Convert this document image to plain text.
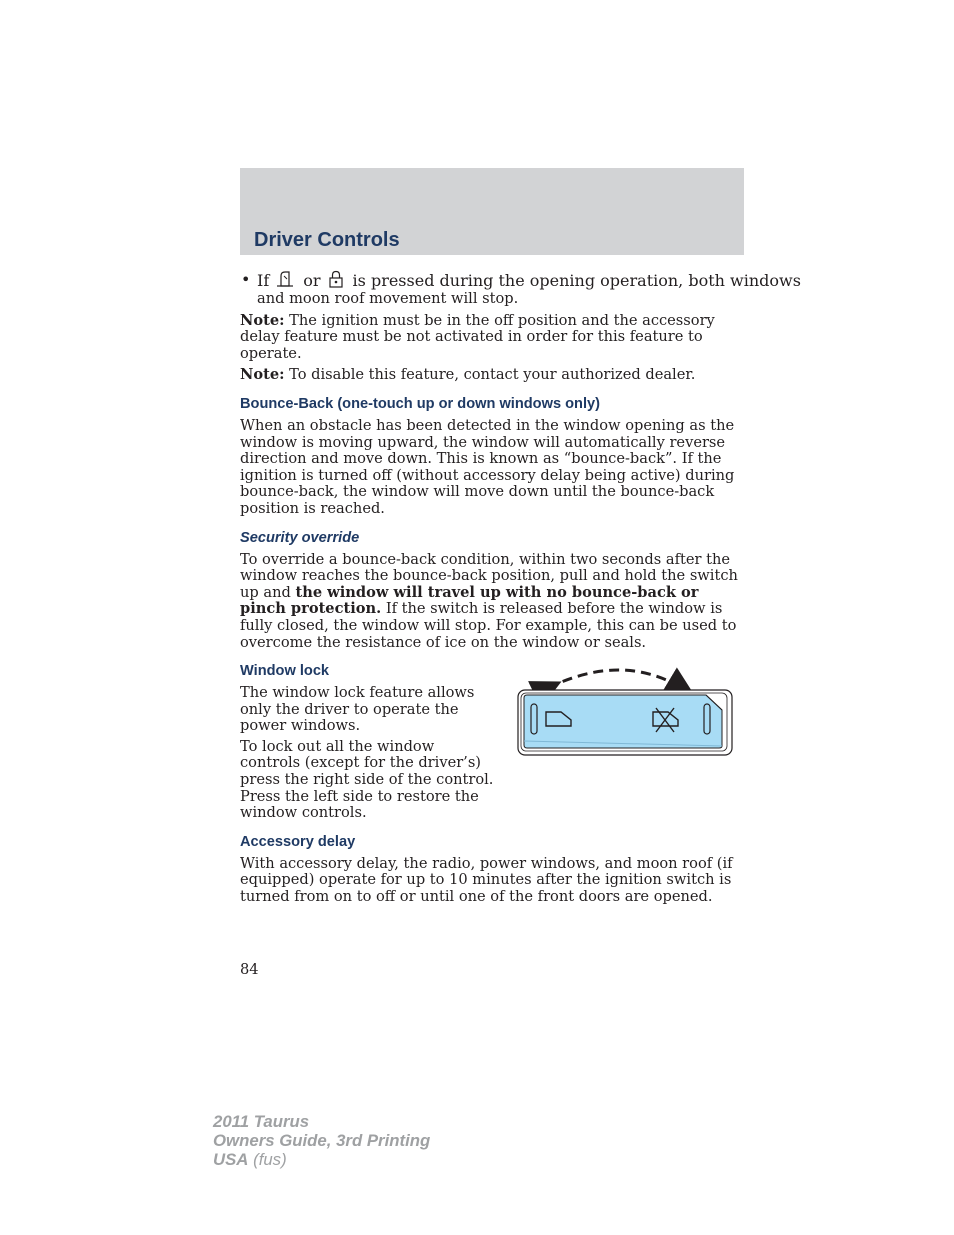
Driver Controls
• If or is pressed during the opening operation, both windows

and moon roof movement will stop.

Note: The ignition must be in the off position and the accessory delay feature must be not activated in order for this feature to operate.

Note: To disable this feature, contact your authorized dealer.

Bounce-Back (one-touch up or down windows only)

When an obstacle has been detected in the window opening as the window is moving upward, the window will automatically reverse direction and move down. This is known as “bounce-back”. If the ignition is turned off (without accessory delay being active) during bounce-back, the window will move down until the bounce-back position is reached.

Security override

To override a bounce-back condition, within two seconds after the window reaches the bounce-back position, pull and hold the switch up and the window will travel up with no bounce-back or pinch protection. If the switch is released before the window is fully closed, the window will stop. For example, this can be used to overcome the resistance of ice on the window or seals.

Window lock

The window lock feature allows only the driver to operate the power windows.

To lock out all the window controls (except for the driver’s) press the right side of the control. Press the left side to restore the window controls.

Accessory delay

With accessory delay, the radio, power windows, and moon roof (if equipped) operate for up to 10 minutes after the ignition switch is turned from on to off or until one of the front doors are opened.

84
2011 Taurus
Owners Guide, 3rd Printing
USA (fus)
